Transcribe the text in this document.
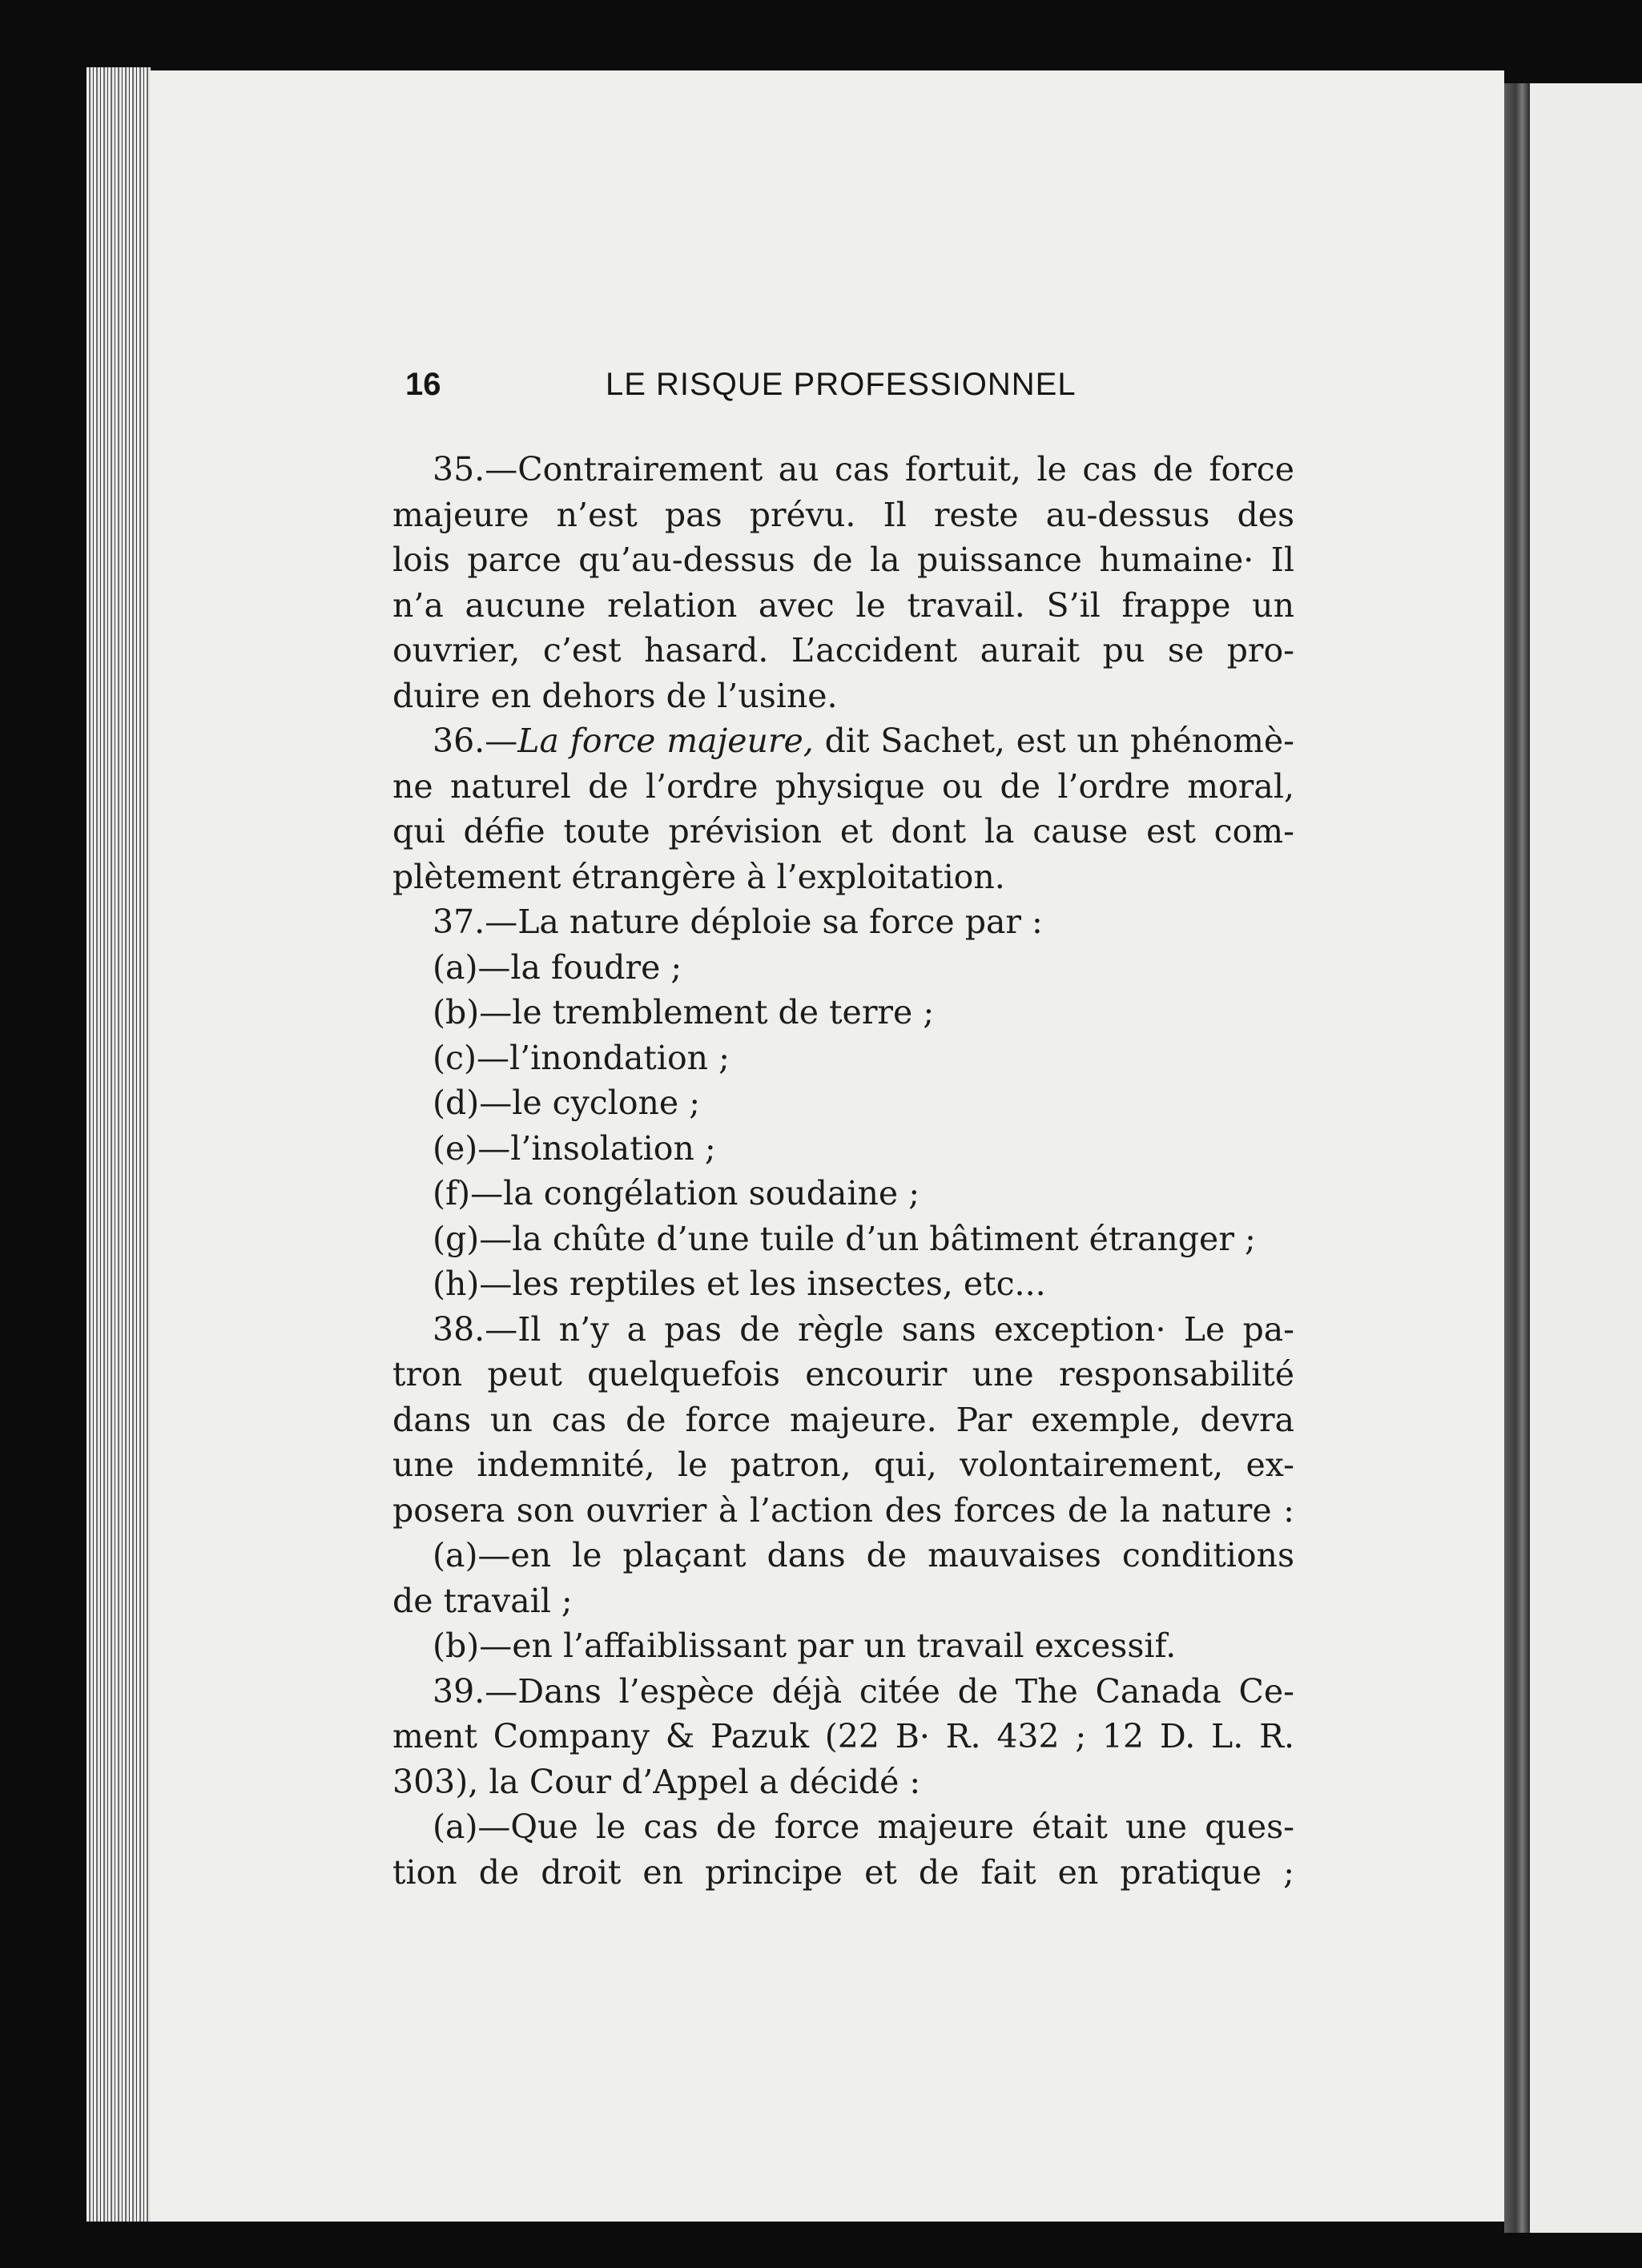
16	LE RISQUE PROFESSIONNEL
35.—Contrairement au cas fortuit, le cas de force
majeure n’est pas prévu. Il reste au-dessus des
lois parce qu’au-dessus de la puissance humaine· Il
n’a aucune relation avec le travail. S’il frappe un
ouvrier, c’est hasard. L’accident aurait pu se pro-
duire en dehors de l’usine.
36.—La force majeure, dit Sachet, est un phénomè-
ne naturel de l’ordre physique ou de l’ordre moral,
qui défie toute prévision et dont la cause est com-
plètement étrangère à l’exploitation.
37.—La nature déploie sa force par :
(a)—la foudre ;
(b)—le tremblement de terre ;
(c)—l’inondation ;
(d)—le cyclone ;
(e)—l’insolation ;
(f)—la congélation soudaine ;
(g)—la chûte d’une tuile d’un bâtiment étranger ;
(h)—les reptiles et les insectes, etc...
38.—Il n’y a pas de règle sans exception· Le pa-
tron peut quelquefois encourir une responsabilité
dans un cas de force majeure. Par exemple, devra
une indemnité, le patron, qui, volontairement, ex-
posera son ouvrier à l’action des forces de la nature :
(a)—en le plaçant dans de mauvaises conditions
de travail ;
(b)—en l’affaiblissant par un travail excessif.
39.—Dans l’espèce déjà citée de The Canada Ce-
ment Company & Pazuk (22 B· R. 432 ; 12 D. L. R.
303), la Cour d’Appel a décidé :
(a)—Que le cas de force majeure était une ques-
tion de droit en principe et de fait en pratique ;
